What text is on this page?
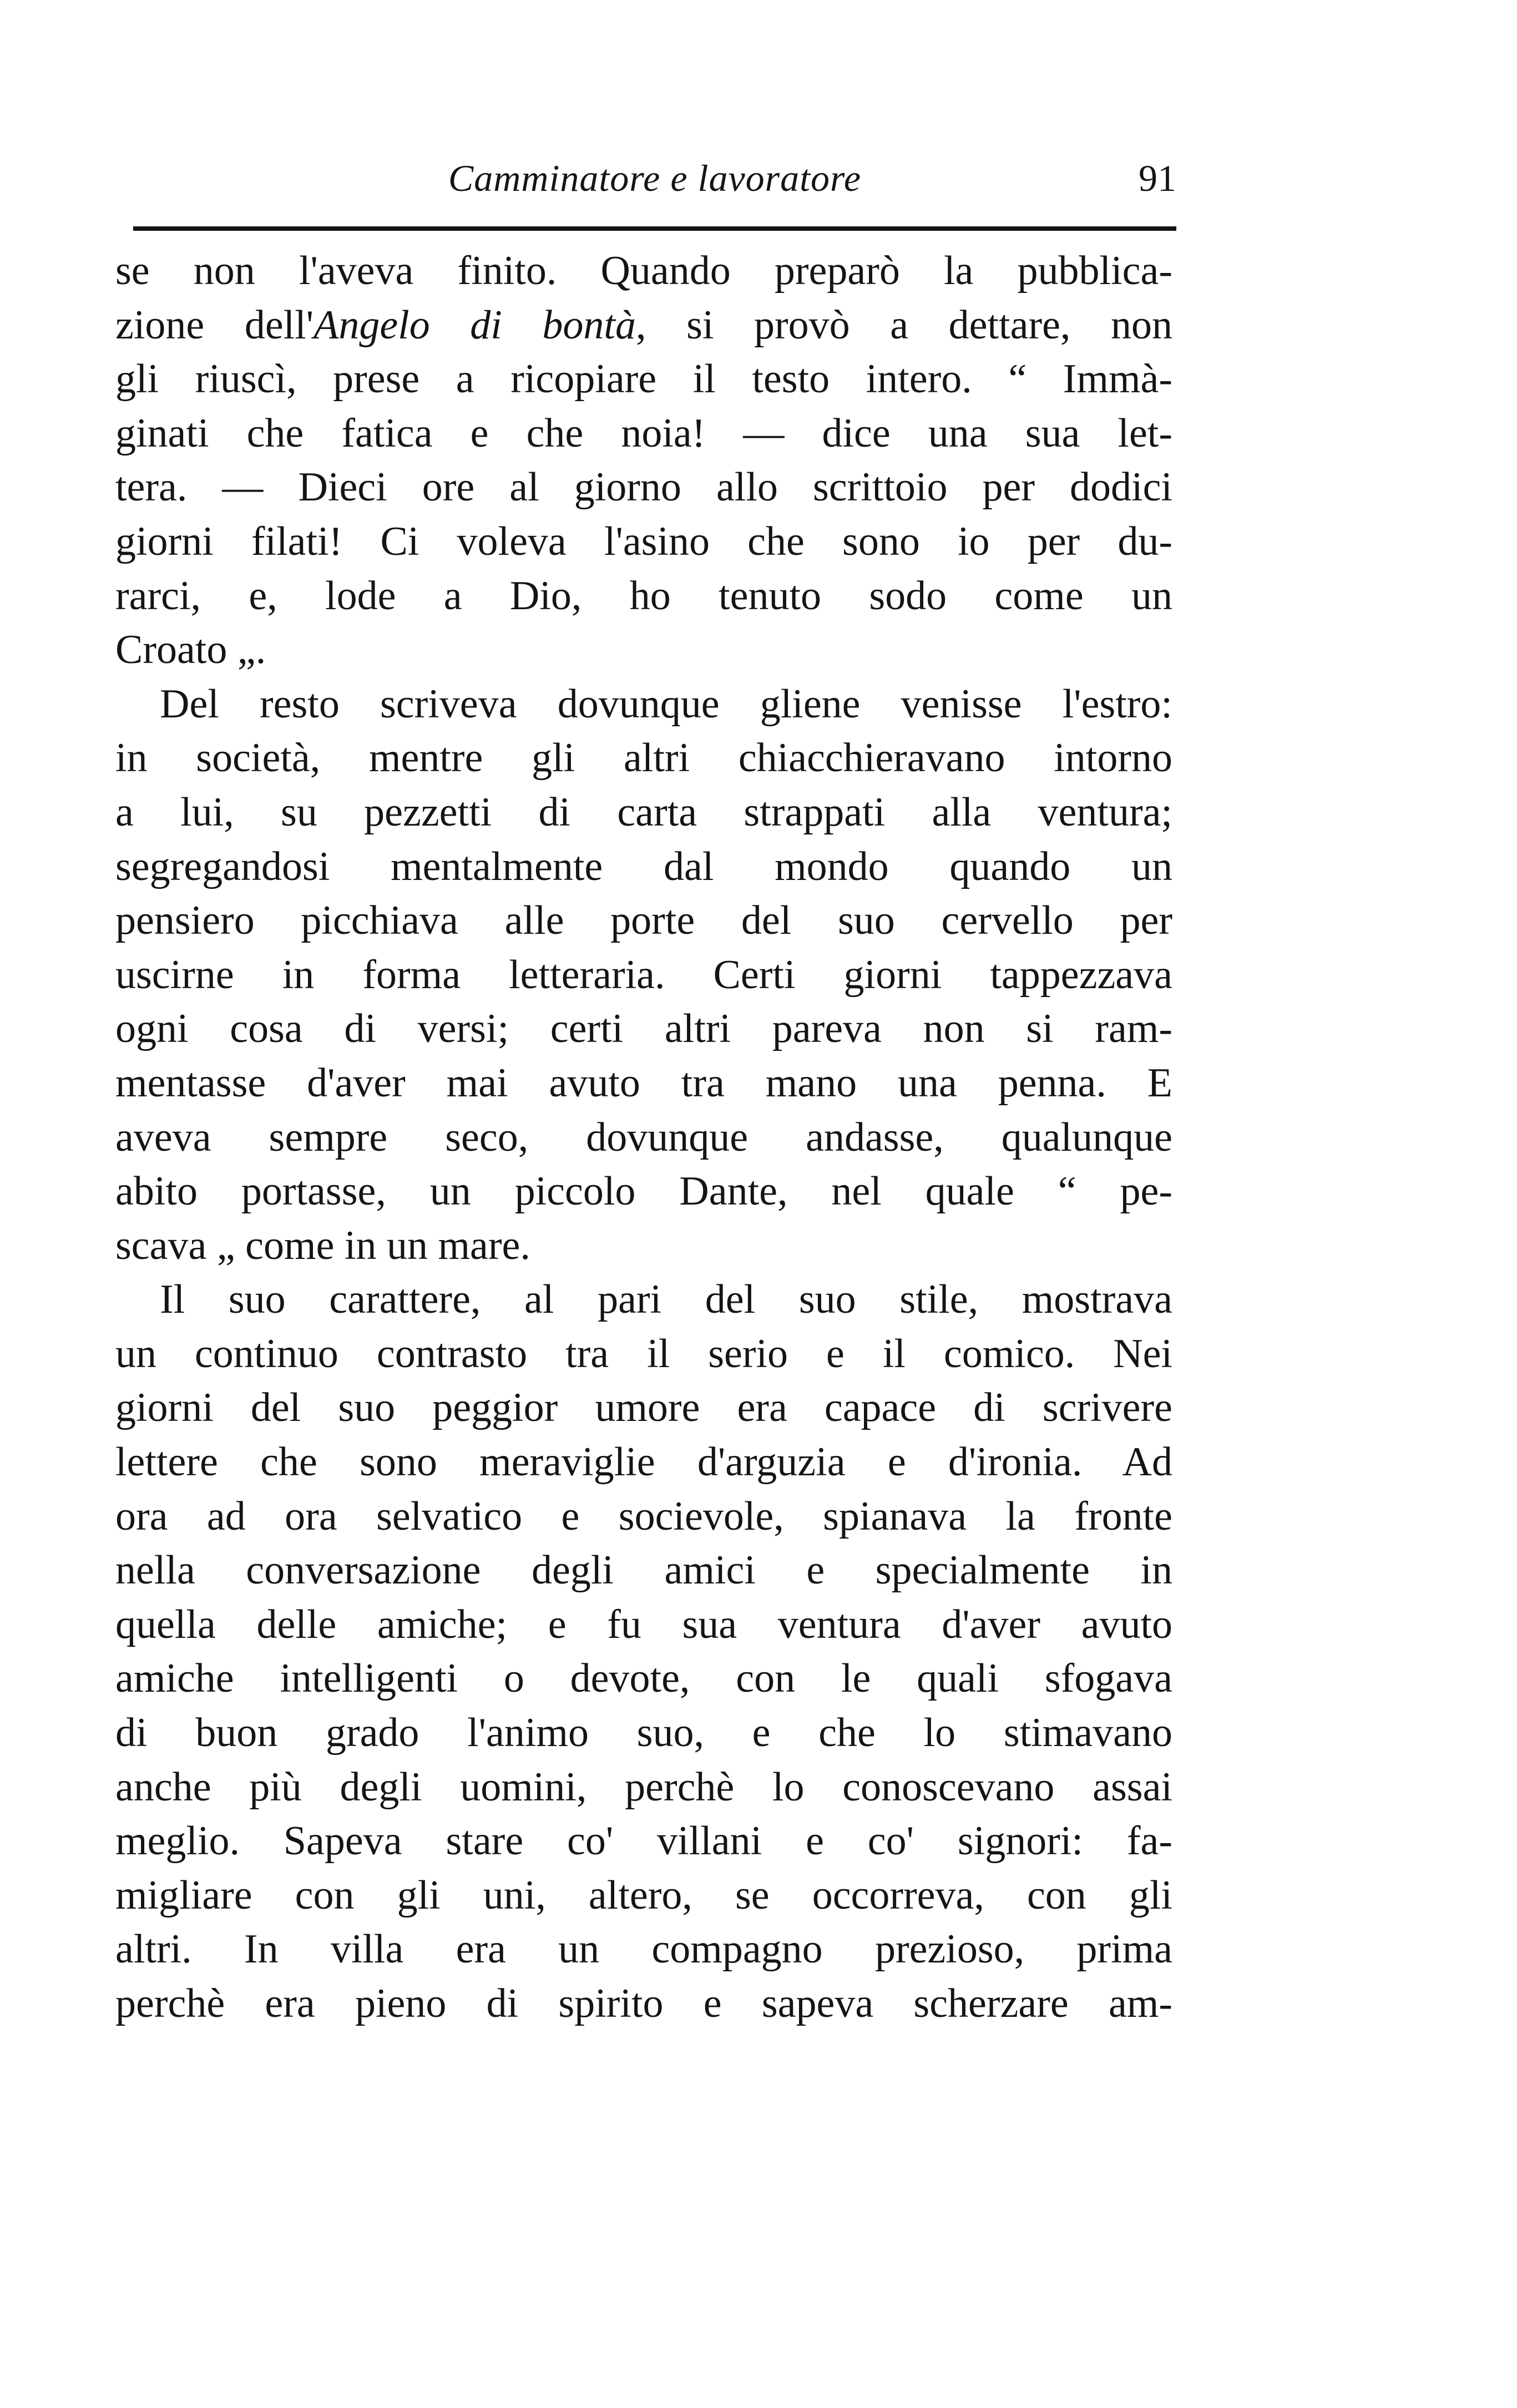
Camminatore e lavoratore	91
se non l'aveva finito. Quando preparò la pubblica-
zione dell'Angelo di bontà, si provò a dettare, non
gli riuscì, prese a ricopiare il testo intero. “ Immà-
ginati che fatica e che noia! — dice una sua let-
tera. — Dieci ore al giorno allo scrittoio per dodici
giorni filati! Ci voleva l'asino che sono io per du-
rarci, e, lode a Dio, ho tenuto sodo come un
Croato „.
Del resto scriveva dovunque gliene venisse l'estro:
in società, mentre gli altri chiacchieravano intorno
a lui, su pezzetti di carta strappati alla ventura;
segregandosi mentalmente dal mondo quando un
pensiero picchiava alle porte del suo cervello per
uscirne in forma letteraria. Certi giorni tappezzava
ogni cosa di versi; certi altri pareva non si ram-
mentasse d'aver mai avuto tra mano una penna. E
aveva sempre seco, dovunque andasse, qualunque
abito portasse, un piccolo Dante, nel quale “ pe-
scava „ come in un mare.
Il suo carattere, al pari del suo stile, mostrava
un continuo contrasto tra il serio e il comico. Nei
giorni del suo peggior umore era capace di scrivere
lettere che sono meraviglie d'arguzia e d'ironia. Ad
ora ad ora selvatico e socievole, spianava la fronte
nella conversazione degli amici e specialmente in
quella delle amiche; e fu sua ventura d'aver avuto
amiche intelligenti o devote, con le quali sfogava
di buon grado l'animo suo, e che lo stimavano
anche più degli uomini, perchè lo conoscevano assai
meglio. Sapeva stare co' villani e co' signori: fa-
migliare con gli uni, altero, se occorreva, con gli
altri. In villa era un compagno prezioso, prima
perchè era pieno di spirito e sapeva scherzare am-
